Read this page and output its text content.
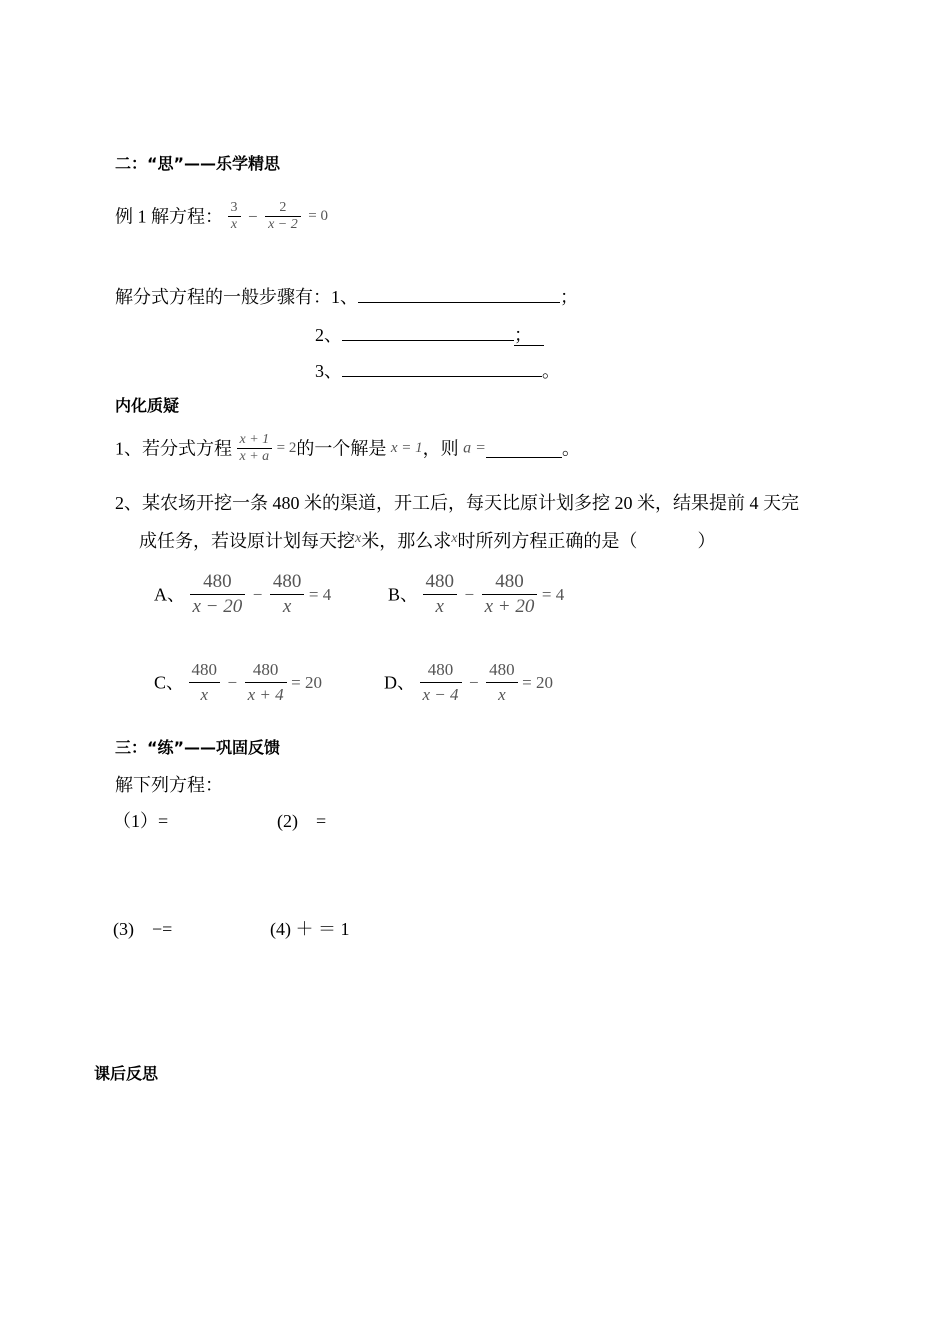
二：“思”——乐学精思
例 1 解方程： $\frac{3}{x} - \frac{2}{x - 2} = 0$
解分式方程的一般步骤有：1、	；
2、	；
3、	。
内化质疑
1、若分式方程 $\frac{x + 1}{x + a} = 2$的一个解是 x = 1，则 a =	。
2、某农场开挖一条 480 米的渠道，开工后，每天比原计划多挖 20 米，结果提前 4 天完
成任务，若设原计划每天挖$^x$米，那么求$^x$时所列方程正确的是（	）
A、 $\frac{480}{x - 20} - \frac{480}{x} = 4$	B、 $\frac{480}{x} - \frac{480}{x + 20} = 4$
C、 $\frac{480}{x} - \frac{480}{x + 4} = 20$	D、 $\frac{480}{x - 4} - \frac{480}{x} = 20$
三：“练”——巩固反馈
解下列方程：
（1）=	(2)　=
(3)　−=	(4) ＋ ＝ 1
课后反思
